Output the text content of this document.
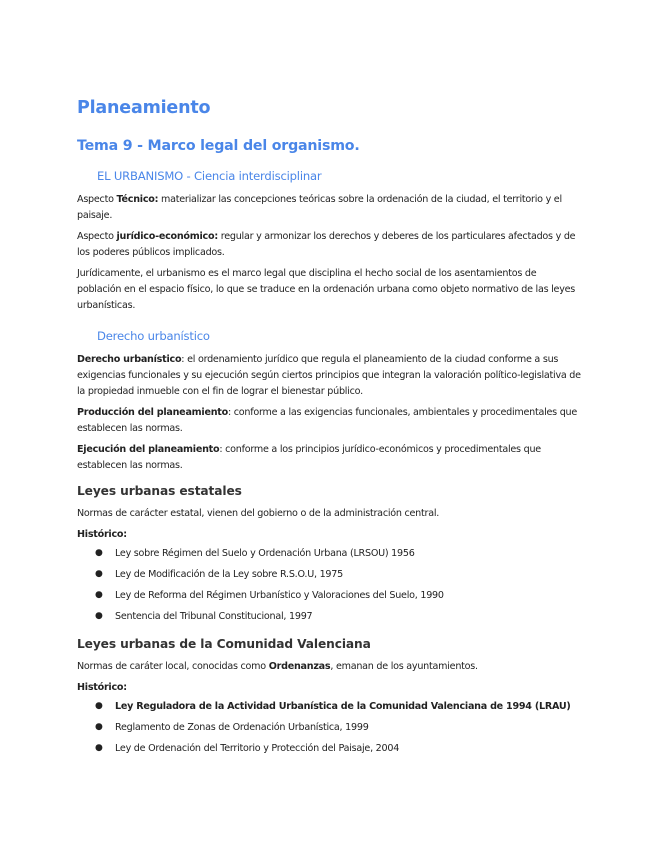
Planeamiento
Tema 9 - Marco legal del organismo.
EL URBANISMO - Ciencia interdisciplinar

Aspecto Técnico: materializar las concepciones teóricas sobre la ordenación de la ciudad, el territorio y el paisaje.

Aspecto jurídico-económico: regular y armonizar los derechos y deberes de los particulares afectados y de los poderes públicos implicados.

Jurídicamente, el urbanismo es el marco legal que disciplina el hecho social de los asentamientos de población en el espacio físico, lo que se traduce en la ordenación urbana como objeto normativo de las leyes urbanísticas.

Derecho urbanístico

Derecho urbanístico: el ordenamiento jurídico que regula el planeamiento de la ciudad conforme a sus exigencias funcionales y su ejecución según ciertos principios que integran la valoración político-legislativa de la propiedad inmueble con el fin de lograr el bienestar público.

Producción del planeamiento: conforme a las exigencias funcionales, ambientales y procedimentales que establecen las normas.

Ejecución del planeamiento: conforme a los principios jurídico-económicos y procedimentales que establecen las normas.

Leyes urbanas estatales

Normas de carácter estatal, vienen del gobierno o de la administración central.

Histórico:

● Ley sobre Régimen del Suelo y Ordenación Urbana (LRSOU) 1956
● Ley de Modificación de la Ley sobre R.S.O.U, 1975
● Ley de Reforma del Régimen Urbanístico y Valoraciones del Suelo, 1990
● Sentencia del Tribunal Constitucional, 1997
Leyes urbanas de la Comunidad Valenciana

Normas de caráter local, conocidas como Ordenanzas, emanan de los ayuntamientos.

Histórico:

● Ley Reguladora de la Actividad Urbanística de la Comunidad Valenciana de 1994 (LRAU)
● Reglamento de Zonas de Ordenación Urbanística, 1999
● Ley de Ordenación del Territorio y Protección del Paisaje, 2004
